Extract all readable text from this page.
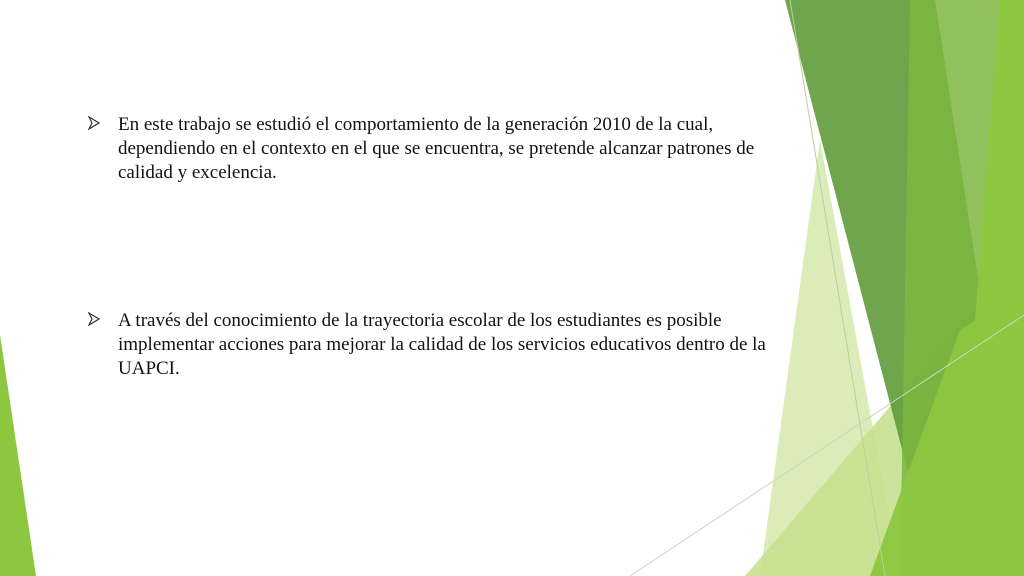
En este trabajo se estudió el comportamiento de la generación 2010 de la cual, dependiendo en el contexto en el que se encuentra, se pretende alcanzar patrones de calidad y excelencia.
A través del conocimiento de la trayectoria escolar de los estudiantes es posible implementar acciones para mejorar la calidad de los servicios educativos dentro de la UAPCI.
